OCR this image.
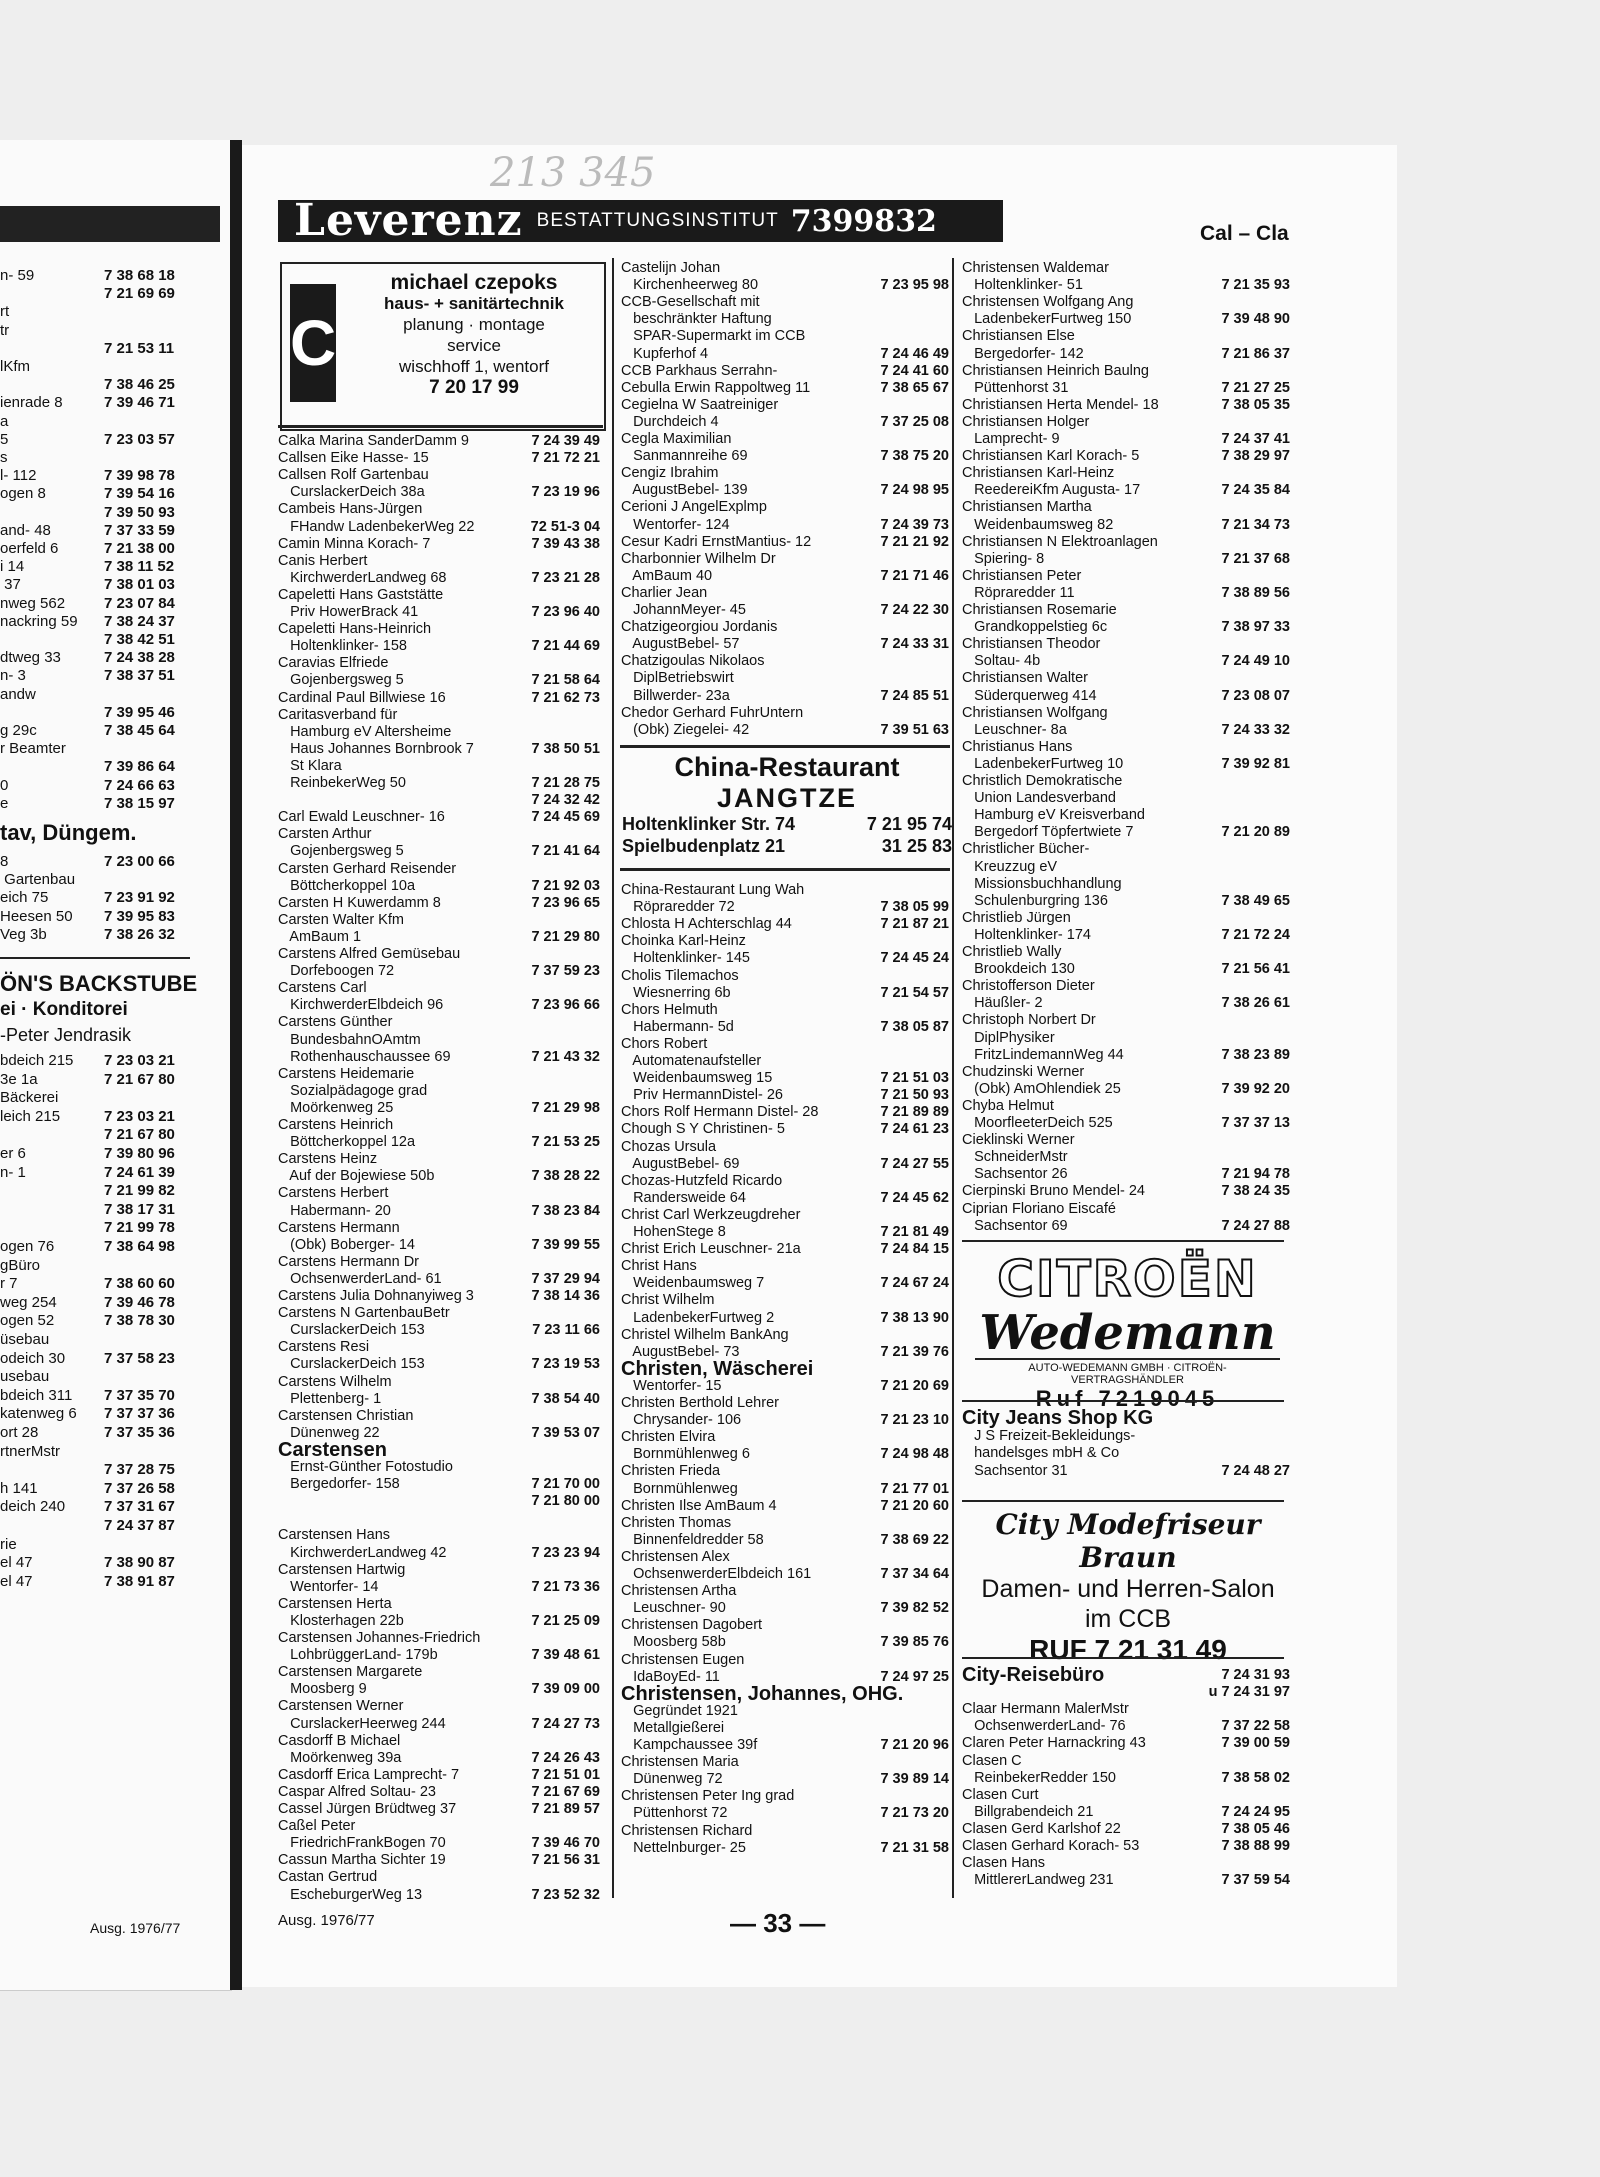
n- 59	7 38 68 18
7 21 69 69
rt
tr
7 21 53 11
lKfm
7 38 46 25
ienrade 8	7 39 46 71
a
5	7 23 03 57
s
l- 112	7 39 98 78
ogen 8	7 39 54 16
7 39 50 93
and- 48	7 37 33 59
oerfeld 6	7 21 38 00
i 14	7 38 11 52
37	7 38 01 03
nweg 562	7 23 07 84
nackring 59 7 38 24 37
7 38 42 51
dtweg 33	7 24 38 28
n- 3	7 38 37 51
andw
7 39 95 46
g 29c	7 38 45 64
r Beamter
7 39 86 64
0	7 24 66 63
e	7 38 15 97
tav, Düngem.
8	7 23 00 66
Gartenbau
eich 75	7 23 91 92
Heesen 50 7 39 95 83
Veg 3b	7 38 26 32
ÖN'S BACKSTUBE
ei · Konditorei
-Peter Jendrasik
bdeich 215 7 23 03 21
3e 1a	7 21 67 80
Bäckerei
leich 215	7 23 03 21
7 21 67 80
er 6	7 39 80 96
n- 1	7 24 61 39
7 21 99 82
7 38 17 31
7 21 99 78
ogen 76	7 38 64 98
gBüro
r 7	7 38 60 60
weg 254	7 39 46 78
ogen 52	7 38 78 30
üsebau
odeich 30	7 37 58 23
usebau
bdeich 311 7 37 35 70
katenweg 6 7 37 37 36
ort 28	7 37 35 36
rtnerMstr
7 37 28 75
h 141	7 37 26 58
deich 240	7 37 31 67
7 24 37 87
rie
el 47	7 38 90 87
el 47	7 38 91 87
Ausg. 1976/77
213 345
Leverenz BESTATTUNGSINSTITUT 7399832	Cal – Cla
C
michael czepoks
haus- + sanitärtechnik
planung · montage
service
wischhoff 1, wentorf
7 20 17 99
Calka Marina SanderDamm 9	7 24 39 49
Callsen Eike Hasse- 15	7 21 72 21
Callsen Rolf Gartenbau
CurslackerDeich 38a	7 23 19 96
Cambeis Hans-Jürgen
FHandw LadenbekerWeg 22	72 51-3 04
Camin Minna Korach- 7	7 39 43 38
Canis Herbert
KirchwerderLandweg 68	7 23 21 28
Capeletti Hans Gaststätte
Priv HowerBrack 41	7 23 96 40
Capeletti Hans-Heinrich
Holtenklinker- 158	7 21 44 69
Caravias Elfriede
Gojenbergsweg 5	7 21 58 64
Cardinal Paul Billwiese 16	7 21 62 73
Caritasverband für
Hamburg eV Altersheime
Haus Johannes Bornbrook 7	7 38 50 51
St Klara
ReinbekerWeg 50	7 21 28 75
7 24 32 42
Carl Ewald Leuschner- 16	7 24 45 69
Carsten Arthur
Gojenbergsweg 5	7 21 41 64
Carsten Gerhard Reisender
Böttcherkoppel 10a	7 21 92 03
Carsten H Kuwerdamm 8	7 23 96 65
Carsten Walter Kfm
AmBaum 1	7 21 29 80
Carstens Alfred Gemüsebau
Dorfeboogen 72	7 37 59 23
Carstens Carl
KirchwerderElbdeich 96	7 23 96 66
Carstens Günther
BundesbahnOAmtm
Rothenhauschaussee 69	7 21 43 32
Carstens Heidemarie
Sozialpädagoge grad
Moörkenweg 25	7 21 29 98
Carstens Heinrich
Böttcherkoppel 12a	7 21 53 25
Carstens Heinz
Auf der Bojewiese 50b	7 38 28 22
Carstens Herbert
Habermann- 20	7 38 23 84
Carstens Hermann
(Obk) Boberger- 14	7 39 99 55
Carstens Hermann Dr
OchsenwerderLand- 61	7 37 29 94
Carstens Julia Dohnanyiweg 3	7 38 14 36
Carstens N GartenbauBetr
CurslackerDeich 153	7 23 11 66
Carstens Resi
CurslackerDeich 153	7 23 19 53
Carstens Wilhelm
Plettenberg- 1	7 38 54 40
Carstensen Christian
Dünenweg 22	7 39 53 07
Carstensen
Ernst-Günther Fotostudio
Bergedorfer- 158	7 21 70 00
7 21 80 00
Carstensen Hans
KirchwerderLandweg 42	7 23 23 94
Carstensen Hartwig
Wentorfer- 14	7 21 73 36
Carstensen Herta
Klosterhagen 22b	7 21 25 09
Carstensen Johannes-Friedrich
LohbrüggerLand- 179b	7 39 48 61
Carstensen Margarete
Moosberg 9	7 39 09 00
Carstensen Werner
CurslackerHeerweg 244	7 24 27 73
Casdorff B Michael
Moörkenweg 39a	7 24 26 43
Casdorff Erica Lamprecht- 7	7 21 51 01
Caspar Alfred Soltau- 23	7 21 67 69
Cassel Jürgen Brüdtweg 37	7 21 89 57
Caßel Peter
FriedrichFrankBogen 70	7 39 46 70
Cassun Martha Sichter 19	7 21 56 31
Castan Gertrud
EscheburgerWeg 13	7 23 52 32
Castelijn Johan
Kirchenheerweg 80	7 23 95 98
CCB-Gesellschaft mit
beschränkter Haftung
SPAR-Supermarkt im CCB
Kupferhof 4	7 24 46 49
CCB Parkhaus Serrahn-	7 24 41 60
Cebulla Erwin Rappoltweg 11	7 38 65 67
Cegielna W Saatreiniger
Durchdeich 4	7 37 25 08
Cegla Maximilian
Sanmannreihe 69	7 38 75 20
Cengiz Ibrahim
AugustBebel- 139	7 24 98 95
Cerioni J AngelExplmp
Wentorfer- 124	7 24 39 73
Cesur Kadri ErnstMantius- 12	7 21 21 92
Charbonnier Wilhelm Dr
AmBaum 40	7 21 71 46
Charlier Jean
JohannMeyer- 45	7 24 22 30
Chatzigeorgiou Jordanis
AugustBebel- 57	7 24 33 31
Chatzigoulas Nikolaos
DiplBetriebswirt
Billwerder- 23a	7 24 85 51
Chedor Gerhard FuhrUntern
(Obk) Ziegelei- 42	7 39 51 63
China-Restaurant
JANGTZE
Holtenklinker Str. 74	7 21 95 74
Spielbudenplatz 21	31 25 83
China-Restaurant Lung Wah
Röpraredder 72	7 38 05 99
Chlosta H Achterschlag 44	7 21 87 21
Choinka Karl-Heinz
Holtenklinker- 145	7 24 45 24
Cholis Tilemachos
Wiesnerring 6b	7 21 54 57
Chors Helmuth
Habermann- 5d	7 38 05 87
Chors Robert
Automatenaufsteller
Weidenbaumsweg 15	7 21 51 03
Priv HermannDistel- 26	7 21 50 93
Chors Rolf Hermann Distel- 28	7 21 89 89
Chough S Y Christinen- 5	7 24 61 23
Chozas Ursula
AugustBebel- 69	7 24 27 55
Chozas-Hutzfeld Ricardo
Randersweide 64	7 24 45 62
Christ Carl Werkzeugdreher
HohenStege 8	7 21 81 49
Christ Erich Leuschner- 21a	7 24 84 15
Christ Hans
Weidenbaumsweg 7	7 24 67 24
Christ Wilhelm
LadenbekerFurtweg 2	7 38 13 90
Christel Wilhelm BankAng
AugustBebel- 73	7 21 39 76
Christen, Wäscherei
Wentorfer- 15	7 21 20 69
Christen Berthold Lehrer
Chrysander- 106	7 21 23 10
Christen Elvira
Bornmühlenweg 6	7 24 98 48
Christen Frieda
Bornmühlenweg	7 21 77 01
Christen Ilse AmBaum 4	7 21 20 60
Christen Thomas
Binnenfeldredder 58	7 38 69 22
Christensen Alex
OchsenwerderElbdeich 161	7 37 34 64
Christensen Artha
Leuschner- 90	7 39 82 52
Christensen Dagobert
Moosberg 58b	7 39 85 76
Christensen Eugen
IdaBoyEd- 11	7 24 97 25
Christensen, Johannes, OHG.
Gegründet 1921
Metallgießerei
Kampchaussee 39f	7 21 20 96
Christensen Maria
Dünenweg 72	7 39 89 14
Christensen Peter Ing grad
Püttenhorst 72	7 21 73 20
Christensen Richard
Nettelnburger- 25	7 21 31 58
Christensen Waldemar
Holtenklinker- 51	7 21 35 93
Christensen Wolfgang Ang
LadenbekerFurtweg 150	7 39 48 90
Christiansen Else
Bergedorfer- 142	7 21 86 37
Christiansen Heinrich Baulng
Püttenhorst 31	7 21 27 25
Christiansen Herta Mendel- 18	7 38 05 35
Christiansen Holger
Lamprecht- 9	7 24 37 41
Christiansen Karl Korach- 5	7 38 29 97
Christiansen Karl-Heinz
ReedereiKfm Augusta- 17	7 24 35 84
Christiansen Martha
Weidenbaumsweg 82	7 21 34 73
Christiansen N Elektroanlagen
Spiering- 8	7 21 37 68
Christiansen Peter
Röpraredder 11	7 38 89 56
Christiansen Rosemarie
Grandkoppelstieg 6c	7 38 97 33
Christiansen Theodor
Soltau- 4b	7 24 49 10
Christiansen Walter
Süderquerweg 414	7 23 08 07
Christiansen Wolfgang
Leuschner- 8a	7 24 33 32
Christianus Hans
LadenbekerFurtweg 10	7 39 92 81
Christlich Demokratische
Union Landesverband
Hamburg eV Kreisverband
Bergedorf Töpfertwiete 7	7 21 20 89
Christlicher Bücher-
Kreuzzug eV
Missionsbuchhandlung
Schulenburgring 136	7 38 49 65
Christlieb Jürgen
Holtenklinker- 174	7 21 72 24
Christlieb Wally
Brookdeich 130	7 21 56 41
Christofferson Dieter
Häußler- 2	7 38 26 61
Christoph Norbert Dr
DiplPhysiker
FritzLindemannWeg 44	7 38 23 89
Chudzinski Werner
(Obk) AmOhlendiek 25	7 39 92 20
Chyba Helmut
MoorfleeterDeich 525	7 37 37 13
Cieklinski Werner
SchneiderMstr
Sachsentor 26	7 21 94 78
Cierpinski Bruno Mendel- 24	7 38 24 35
Ciprian Floriano Eiscafé
Sachsentor 69	7 24 27 88
CITROËN
Wedemann
AUTO-WEDEMANN GMBH · CITROËN-VERTRAGSHÄNDLER
Ruf 7219045
City Jeans Shop KG
J S Freizeit-Bekleidungs-
handelsges mbH & Co
Sachsentor 31	7 24 48 27
City Modefriseur Braun
Damen- und Herren-Salon
im CCB
RUF 7 21 31 49
City-Reisebüro	7 24 31 93
u 7 24 31 97
Claar Hermann MalerMstr
OchsenwerderLand- 76	7 37 22 58
Claren Peter Harnackring 43	7 39 00 59
Clasen C
ReinbekerRedder 150	7 38 58 02
Clasen Curt
Billgrabendeich 21	7 24 24 95
Clasen Gerd Karlshof 22	7 38 05 46
Clasen Gerhard Korach- 53	7 38 88 99
Clasen Hans
MittlererLandweg 231	7 37 59 54
Ausg. 1976/77	— 33 —
